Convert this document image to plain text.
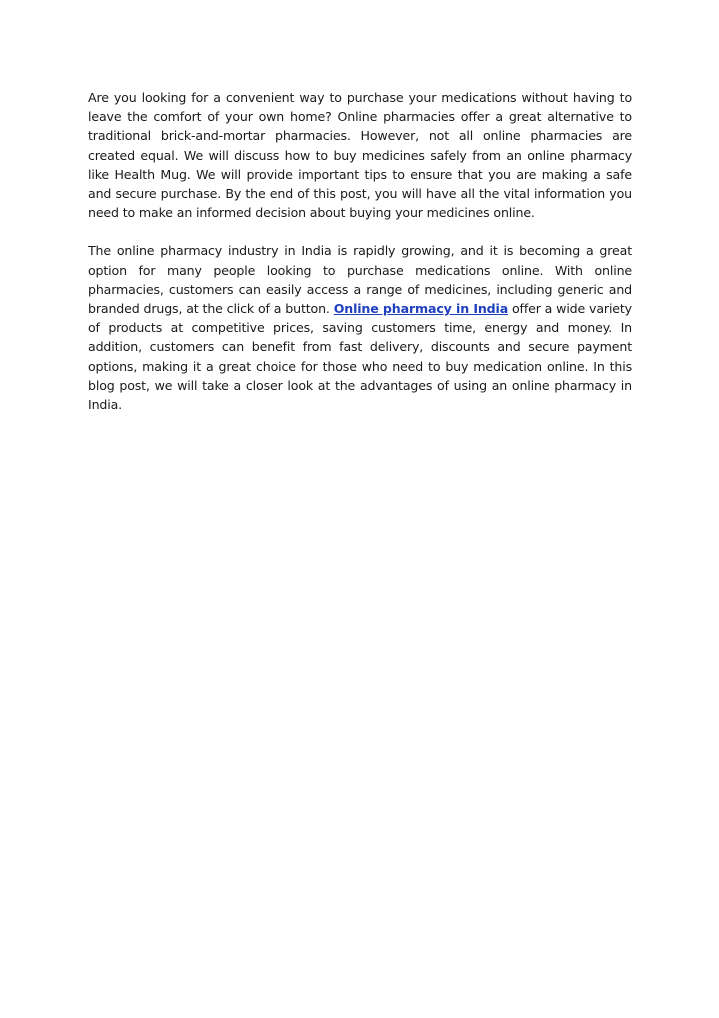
Are you looking for a convenient way to purchase your medications without having to leave the comfort of your own home? Online pharmacies offer a great alternative to traditional brick-and-mortar pharmacies. However, not all online pharmacies are created equal. We will discuss how to buy medicines safely from an online pharmacy like Health Mug. We will provide important tips to ensure that you are making a safe and secure purchase. By the end of this post, you will have all the vital information you need to make an informed decision about buying your medicines online.

The online pharmacy industry in India is rapidly growing, and it is becoming a great option for many people looking to purchase medications online. With online pharmacies, customers can easily access a range of medicines, including generic and branded drugs, at the click of a button. Online pharmacy in India offer a wide variety of products at competitive prices, saving customers time, energy and money. In addition, customers can benefit from fast delivery, discounts and secure payment options, making it a great choice for those who need to buy medication online. In this blog post, we will take a closer look at the advantages of using an online pharmacy in India.
